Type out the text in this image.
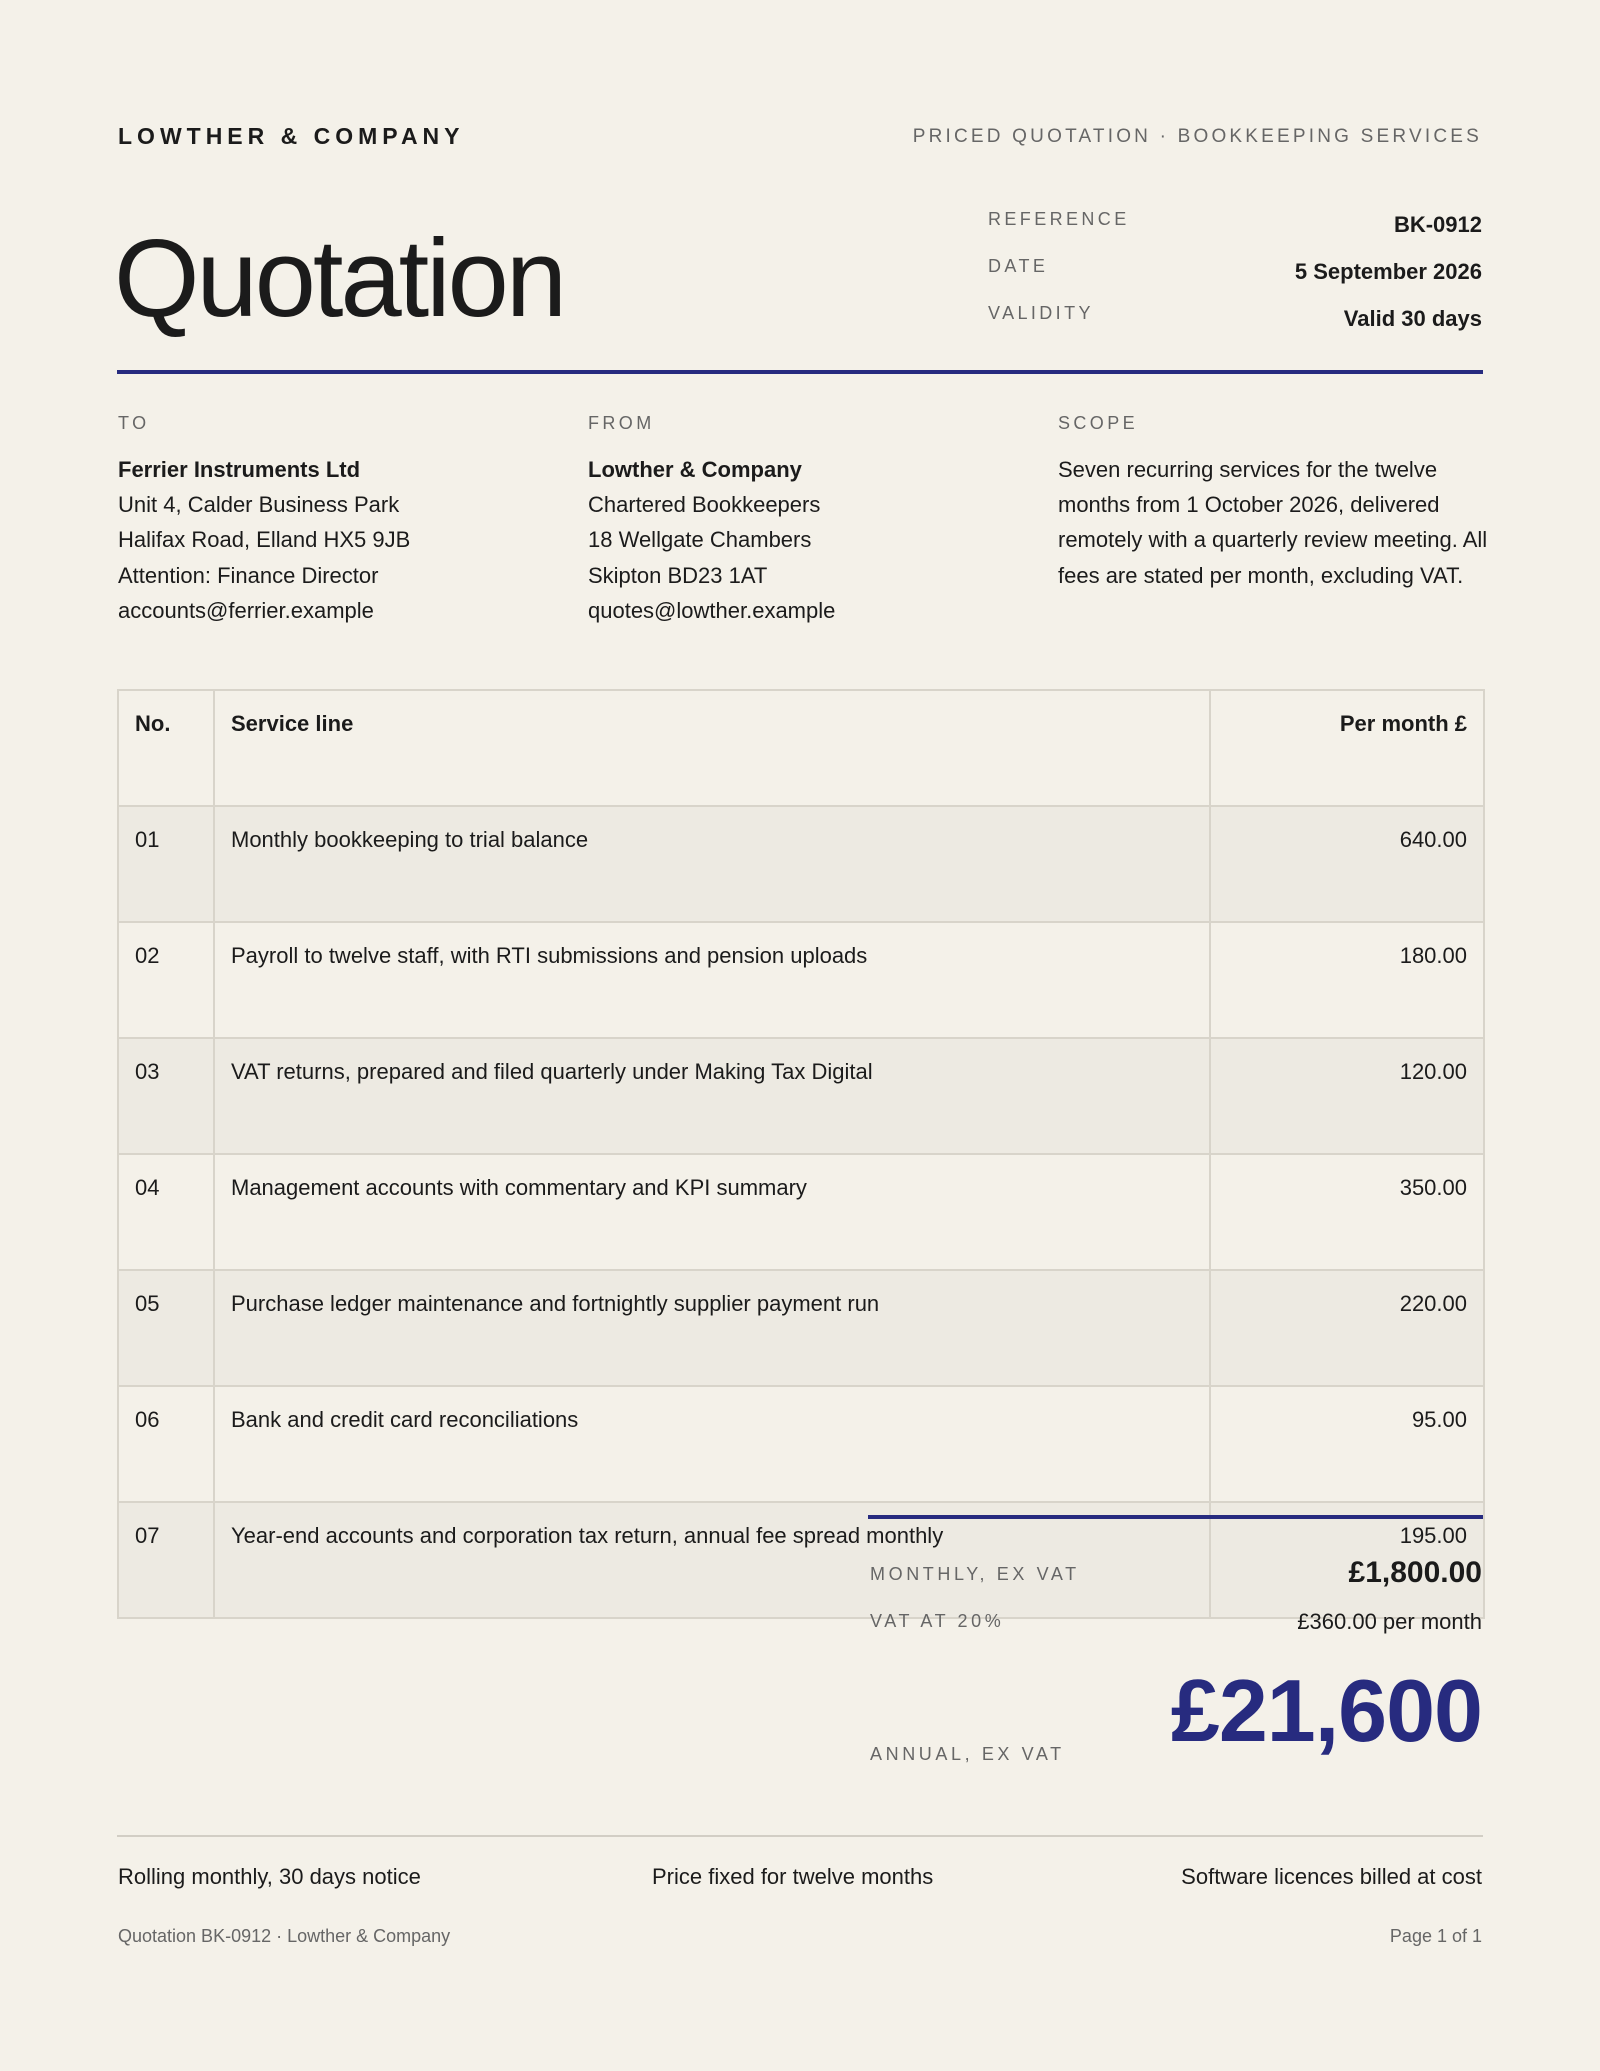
LOWTHER & COMPANY	PRICED QUOTATION · BOOKKEEPING SERVICES
Quotation	REFERENCE	BK-0912
DATE	5 September 2026
VALIDITY	Valid 30 days
TO
Ferrier Instruments Ltd
Unit 4, Calder Business Park
Halifax Road, Elland HX5 9JB
Attention: Finance Director
accounts@ferrier.example
FROM
Lowther & Company
Chartered Bookkeepers
18 Wellgate Chambers
Skipton BD23 1AT
quotes@lowther.example
SCOPE
Seven recurring services for the twelve months from 1 October 2026, delivered remotely with a quarterly review meeting. All fees are stated per month, excluding VAT.
No.	Service line	Per month £
01	Monthly bookkeeping to trial balance	640.00
02	Payroll to twelve staff, with RTI submissions and pension uploads	180.00
03	VAT returns, prepared and filed quarterly under Making Tax Digital	120.00
04	Management accounts with commentary and KPI summary	350.00
05	Purchase ledger maintenance and fortnightly supplier payment run	220.00
06	Bank and credit card reconciliations	95.00
07	Year-end accounts and corporation tax return, annual fee spread monthly	195.00
MONTHLY, EX VAT	£1,800.00
VAT AT 20%	£360.00 per month
ANNUAL, EX VAT £21,600
Rolling monthly, 30 days notice	Price fixed for twelve months	Software licences billed at cost
Quotation BK-0912 · Lowther & Company	Page 1 of 1
